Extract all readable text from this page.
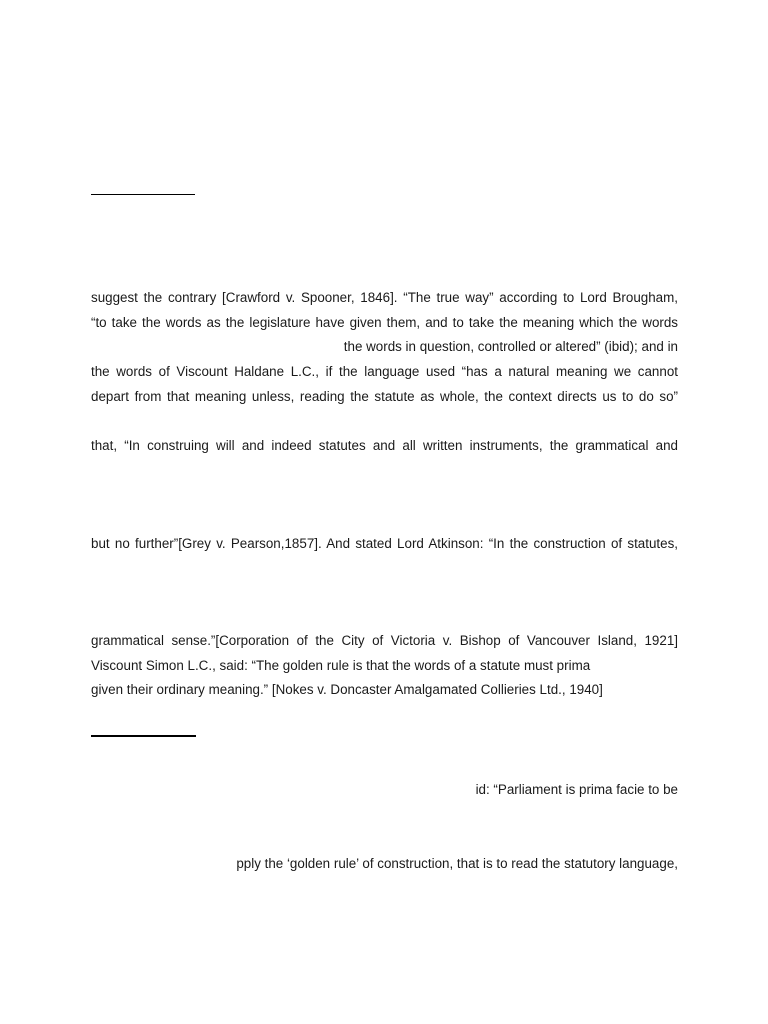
suggest the contrary [Crawford v. Spooner, 1846]. “The true way” according to Lord Brougham,
“to take the words as the legislature have given them, and to take the meaning which the words
the words in question, controlled or altered” (ibid); and in
the words of Viscount Haldane L.C., if the language used “has a natural meaning we cannot
depart from that meaning unless, reading the statute as whole, the context directs us to do so”
that, “In construing will and indeed statutes and all written instruments, the grammatical and
but no further”[Grey v. Pearson,1857]. And stated Lord Atkinson: “In the construction of statutes,
grammatical sense.”[Corporation of the City of Victoria v. Bishop of Vancouver Island, 1921]
Viscount Simon L.C., said: “The golden rule is that the words of a statute must prima
given their ordinary meaning.” [Nokes v. Doncaster Amalgamated Collieries Ltd., 1940]
id: “Parliament is prima facie to be
pply the ‘golden rule’ of construction, that is to read the statutory language,
